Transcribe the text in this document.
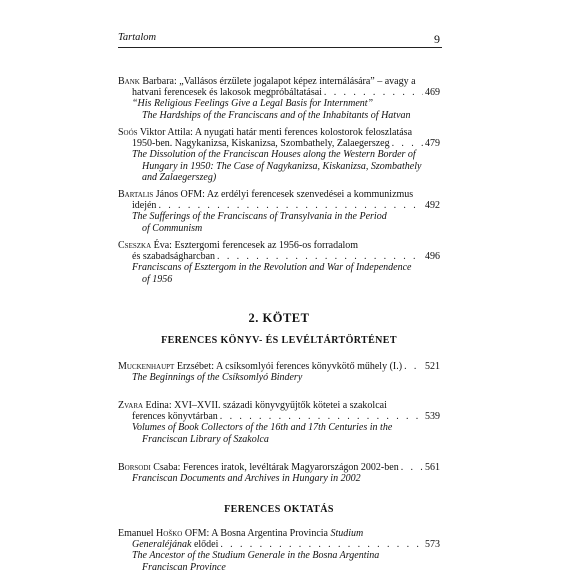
Tartalom	9
Bank Barbara: „Vallásos érzülete jogalapot képez internálására” – avagy a
hatvani ferencesek és lakosok megpróbáltatásai . . .	469
“His Religious Feelings Give a Legal Basis for Internment”
The Hardships of the Franciscans and of the Inhabitants of Hatvan
Soós Viktor Attila: A nyugati határ menti ferences kolostorok feloszlatása
1950-ben. Nagykanizsa, Kiskanizsa, Szombathely, Zalaegerszeg . . .	479
The Dissolution of the Franciscan Houses along the Western Border of
Hungary in 1950: The Case of Nagykanizsa, Kiskanizsa, Szombathely
and Zalaegerszeg)
Bartalis János OFM: Az erdélyi ferencesek szenvedései a kommunizmus
idején . . .	492
The Sufferings of the Franciscans of Transylvania in the Period
of Communism
Cseszka Éva: Esztergomi ferencesek az 1956-os forradalom
és szabadságharcban . . .	496
Franciscans of Esztergom in the Revolution and War of Independence
of 1956
2. KÖTET
FERENCES KÖNYV- ÉS LEVÉLTÁRTÖRTÉNET
Muckenhaupt Erzsébet: A csíksomlyói ferences könyvkötő műhely (I.) . . . 521
The Beginnings of the Csíksomlyó Bindery
Zvara Edina: XVI–XVII. századi könyvgyűjtők kötetei a szakolcai
ferences könyvtárban . . .	539
Volumes of Book Collectors of the 16th and 17th Centuries in the
Franciscan Library of Szakolca
Borsodi Csaba: Ferences iratok, levéltárak Magyarországon 2002-ben . . .	561
Franciscan Documents and Archives in Hungary in 2002
FERENCES OKTATÁS
Emanuel Hoško OFM: A Bosna Argentina Provincia Studium
Generaléjának elődei . . .	573
The Ancestor of the Studium Generale in the Bosna Argentina
Franciscan Province
